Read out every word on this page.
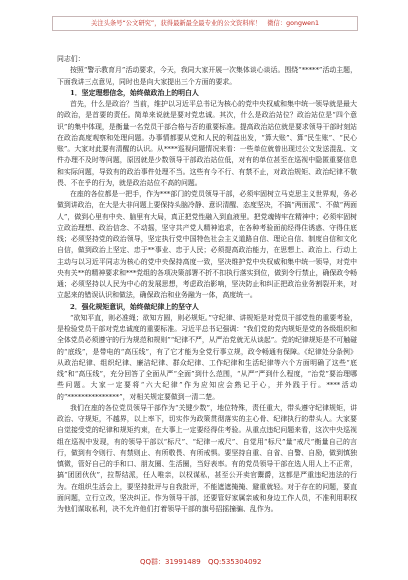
关注头条号“公文研究”，获得最新最全最专业的公文资料库！ 微信：gongwen1

同志们：

按照“警示教育月”活动要求，今天，我同大家开展一次集体谈心谈话。围绕“*****”活动主题，下面我讲三点意见，同时也是向大家提出三个方面的要求。

1．坚定理想信念，始终做政治上的明白人

首先，什么是政治？当前，维护以习近平总书记为核心的党中央权威和集中统一领导就是最大的政治，是首要的责任。简单来说就是要对党忠诚。其次，什么是政治站位？政治站位是“四个意识”的集中体现，是衡量一名党员干部合格与否的重要标准。提高政治站位就是要求领导干部时刻站在政治高度观察和处理问题。办事情都要从党和人民的利益出发，“算大账”、算“民生账”、“民心账”。大家对此要有清醒的认识。从****巡视问题情况来看：一些单位就曾出现过公文发送混乱、文件办理不及时等问题，原因就是少数领导干部政治站位低，对有的单位甚至在巡视中隐匿重要信息和实际问题，导致有的政治事件处理不当。这些有今不行、有禁不止，对政治规矩、政治纪律不敬畏、不在乎的行为，就是政治站位不高的问题。

在座的各位都是一把手，作为***部门的党员领导干部，必须牢固树立马克思主义世界观，务必做到讲政治，在大是大非问题上要保持头脑冷静、意识清醒、态度坚决，不搞“两面派”、不做“两面人”，做到心里有中央、脑里有大局，真正把党性融入到血液里。把党魂铸牢在精神中；必须牢固树立政治理想、政治信念、不动摇，坚守共产党人精神追求，在各种考验面前经得住诱惑、守得住底线；必须坚持党的政治领导，坚定执行党中国特色社会主义道路自信、理论自信、制度自信和文化自信，做到政治上坚定、忠于**事业、忠于人民；必须提高政治能力，在思想上、政治上、行动上主动与以习近平同志为核心的党中央保持高度一致，坚决维护党中央权威和集中统一领导，对党中央有关**的精神要求和***党组的各项决策部署不折不扣执行落实到位，做到令行禁止，确保政令畅通；必须坚持以人民为中心的发展思想，考虑政治影响，坚决防止和纠正把政治业务割裂开来，对立起来的错误认识和做法，确保政治和业务融为一体，高度统一。

2．强化规矩意识，始终做纪律上的坚守人

“欲知平直，则必准绳；欲知方圆，则必规矩。”守纪律、讲规矩是对党员干部党性的重要考验，是检验党员干部对党忠诚度的重要标准。习近平总书记强调：“我们党的党内规矩是党的各级组织和全体党员必须遵守的行为规范和规则”“纪律不严，从严治党就无从谈起”。党的纪律规矩是不可触碰的“底线”，是带电的“高压线”，有了它才能为全党行事立规，政令畅通有保障。《纪律处分条例》从政治纪律、组织纪律、廉洁纪律、群众纪律、工作纪律和生活纪律等六个方面明确了这些“底线”和“高压线”，充分回答了全面从严“全面”到什么范围，“从严”严到什么程度，“治党”要治理哪些问题。大家一定要将“六大纪律”作为应知应会熟记于心，并外践于行。****活动的“***************”，对相关规定要做到一清二楚。

我们在座的各位党员领导干部作为“关键少数”，地位特殊，责任重大，带头遵守纪律规矩，讲政治、守规矩，不越界，以上率下，切实作为政策贯彻落实的主心骨、纪律执行的带头人。大家要自觉接受党的纪律和规矩约束，在大事上一定要经得住考验。从重点违纪问题来看，这次中央巡视组在巡视中发现，有的领导干部以“标尺”、“纪律一戒尺”、自觉用“标尺”量“戒尺”衡量自己的言行，做到有令则行、有禁则止、有所敬畏、有所戒惧。要坚持自重、自省、自警、自励，做到慎独慎微，管好自己的手和口、朋友圈、生活圈，当好表率。有的党员领导干部在选人用人上不正常，搞“团团伙伙”，拉帮结派，任人唯亲，以权谋私，甚至公开卖官鬻爵，这都是严重违纪违法的行为。在组织生活会上，要坚持批评与自我批评，不能遮遮掩掩、避重就轻。对于存在的问题，要直面问题，立行立改，坚决纠正。作为领导干部，还要管好家属亲戚和身边工作人员，不准利用职权为他们谋取私利，决不允许他们打着领导干部的旗号招摇撞骗、乱作为。

QQ群：31991489 QQ:535304092
